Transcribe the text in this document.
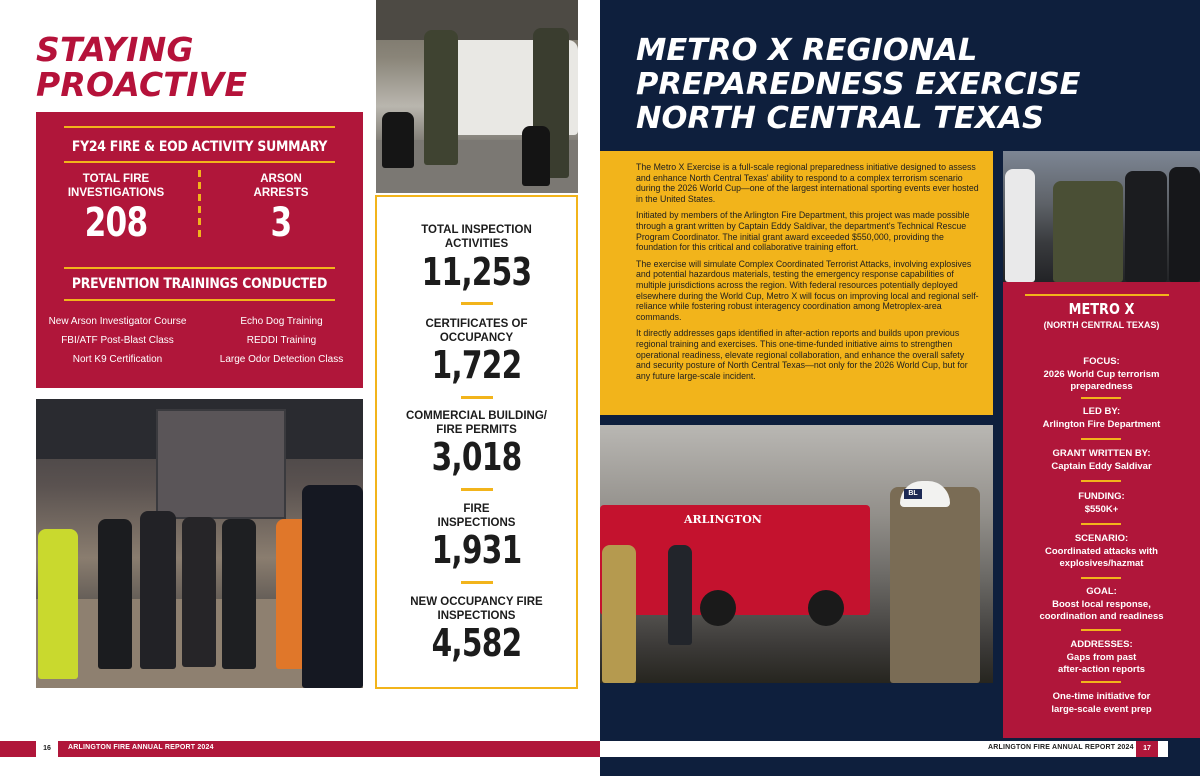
STAYING
PROACTIVE
FY24 FIRE & EOD ACTIVITY SUMMARY
TOTAL FIRE
INVESTIGATIONS
208
ARSON
ARRESTS
3
PREVENTION TRAININGS CONDUCTED
New Arson Investigator Course	Echo Dog Training
FBI/ATF Post-Blast Class	REDDI Training
Nort K9 Certification	Large Odor Detection Class
TOTAL INSPECTION
ACTIVITIES
11,253
CERTIFICATES OF
OCCUPANCY
1,722
COMMERCIAL BUILDING/
FIRE PERMITS
3,018
FIRE
INSPECTIONS
1,931
NEW OCCUPANCY FIRE
INSPECTIONS
4,582
METRO X REGIONAL
PREPAREDNESS EXERCISE
NORTH CENTRAL TEXAS

The Metro X Exercise is a full-scale regional preparedness initiative designed to assess and enhance North Central Texas' ability to respond to a complex terrorism scenario during the 2026 World Cup—one of the largest international sporting events ever hosted in the United States.

Initiated by members of the Arlington Fire Department, this project was made possible through a grant written by Captain Eddy Saldivar, the department's Technical Rescue Program Coordinator. The initial grant award exceeded $550,000, providing the foundation for this critical and collaborative training effort.

The exercise will simulate Complex Coordinated Terrorist Attacks, involving explosives and potential hazardous materials, testing the emergency response capabilities of multiple jurisdictions across the region. With federal resources potentially deployed elsewhere during the World Cup, Metro X will focus on improving local and regional self-reliance while fostering robust interagency coordination among Metroplex-area commands.

It directly addresses gaps identified in after-action reports and builds upon previous regional training and exercises. This one-time-funded initiative aims to strengthen operational readiness, elevate regional collaboration, and enhance the overall safety and security posture of North Central Texas—not only for the 2026 World Cup, but for any future large-scale incident.

ARLINGTON
BL
METRO X
(NORTH CENTRAL TEXAS)
FOCUS:
2026 World Cup terrorism
preparedness
LED BY:
Arlington Fire Department
GRANT WRITTEN BY:
Captain Eddy Saldivar
FUNDING:
$550K+
SCENARIO:
Coordinated attacks with
explosives/hazmat
GOAL:
Boost local response,
coordination and readiness
ADDRESSES:
Gaps from past
after-action reports
One-time initiative for
large-scale event prep
16	ARLINGTON FIRE ANNUAL REPORT 2024	ARLINGTON FIRE ANNUAL REPORT 2024	17
